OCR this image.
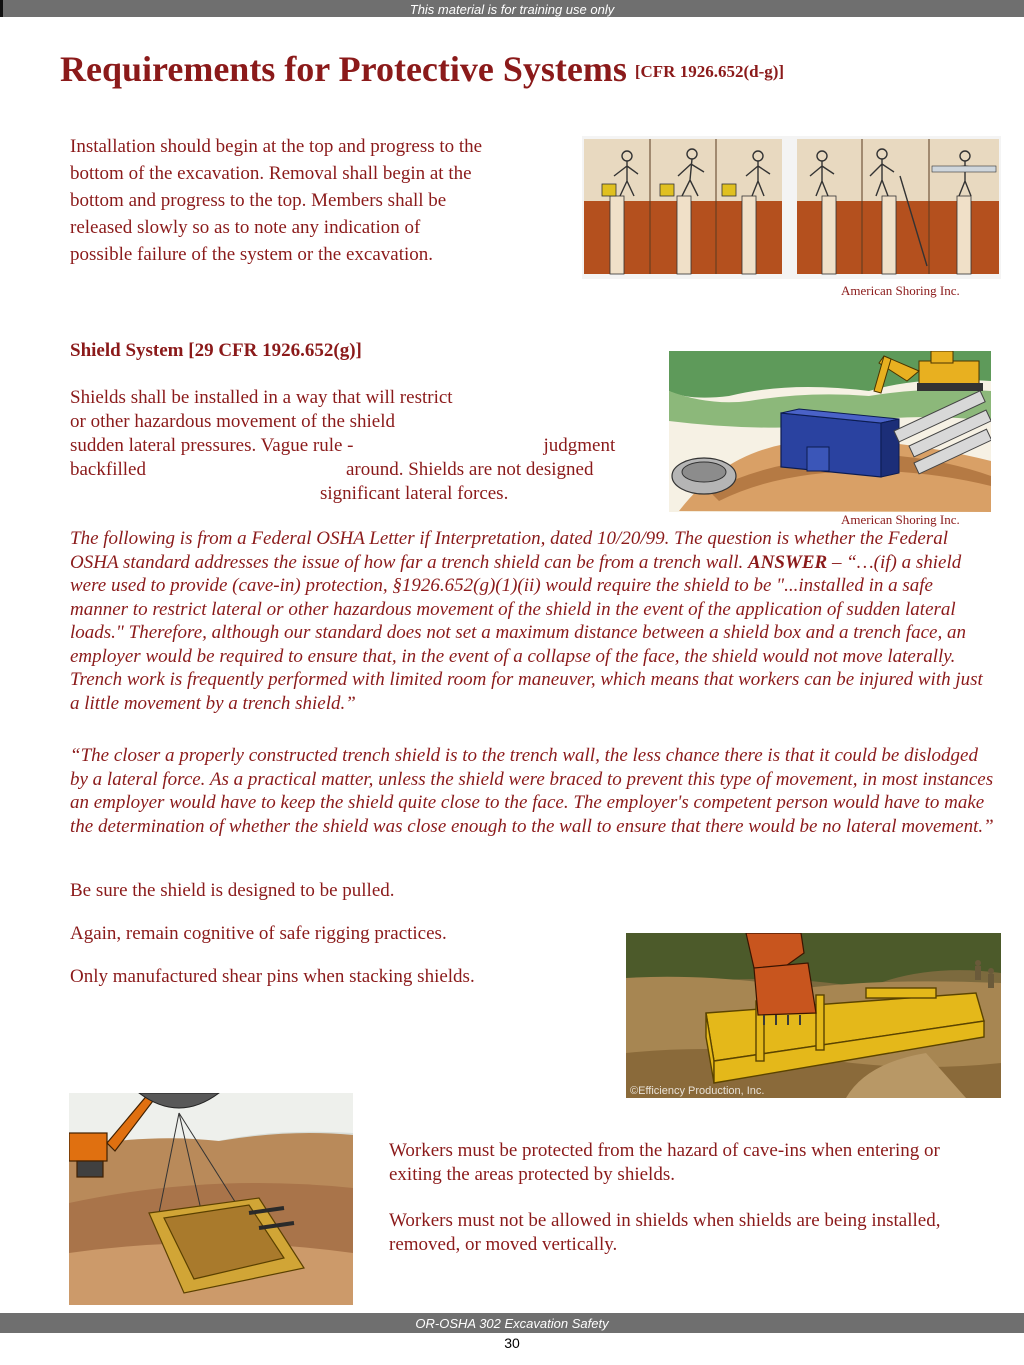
This material is for training use only
Requirements for Protective Systems [CFR 1926.652(d-g)]
Installation should begin at the top and progress to the
bottom of the excavation. Removal shall begin at the
bottom and progress to the top. Members shall be
released slowly so as to note any indication of
possible failure of the system or the excavation.
American Shoring Inc.
Shield System [29 CFR 1926.652(g)]
Shields shall be installed in a way that will restrict
or other hazardous movement of the shield
sudden lateral pressures. Vague rule -	judgment
backfilled	around. Shields are not designed
significant lateral forces.
American Shoring Inc.
The following is from a Federal OSHA Letter if Interpretation, dated 10/20/99. The question is whether the Federal OSHA standard addresses the issue of how far a trench shield can be from a trench wall. ANSWER – “…(if) a shield were used to provide (cave-in) protection, §1926.652(g)(1)(ii) would require the shield to be "...installed in a safe manner to restrict lateral or other hazardous movement of the shield in the event of the application of sudden lateral loads." Therefore, although our standard does not set a maximum distance between a shield box and a trench face, an employer would be required to ensure that, in the event of a collapse of the face, the shield would not move laterally. Trench work is frequently performed with limited room for maneuver, which means that workers can be injured with just a little movement by a trench shield.”
“The closer a properly constructed trench shield is to the trench wall, the less chance there is that it could be dislodged by a lateral force. As a practical matter, unless the shield were braced to prevent this type of movement, in most instances an employer would have to keep the shield quite close to the face. The employer's competent person would have to make the determination of whether the shield was close enough to the wall to ensure that there would be no lateral movement.”
Be sure the shield is designed to be pulled.
Again, remain cognitive of safe rigging practices.
Only manufactured shear pins when stacking shields.
©Efficiency Production, Inc.
Workers must be protected from the hazard of cave-ins when entering or exiting the areas protected by shields.
Workers must not be allowed in shields when shields are being installed, removed, or moved vertically.
OR-OSHA 302 Excavation Safety
30
